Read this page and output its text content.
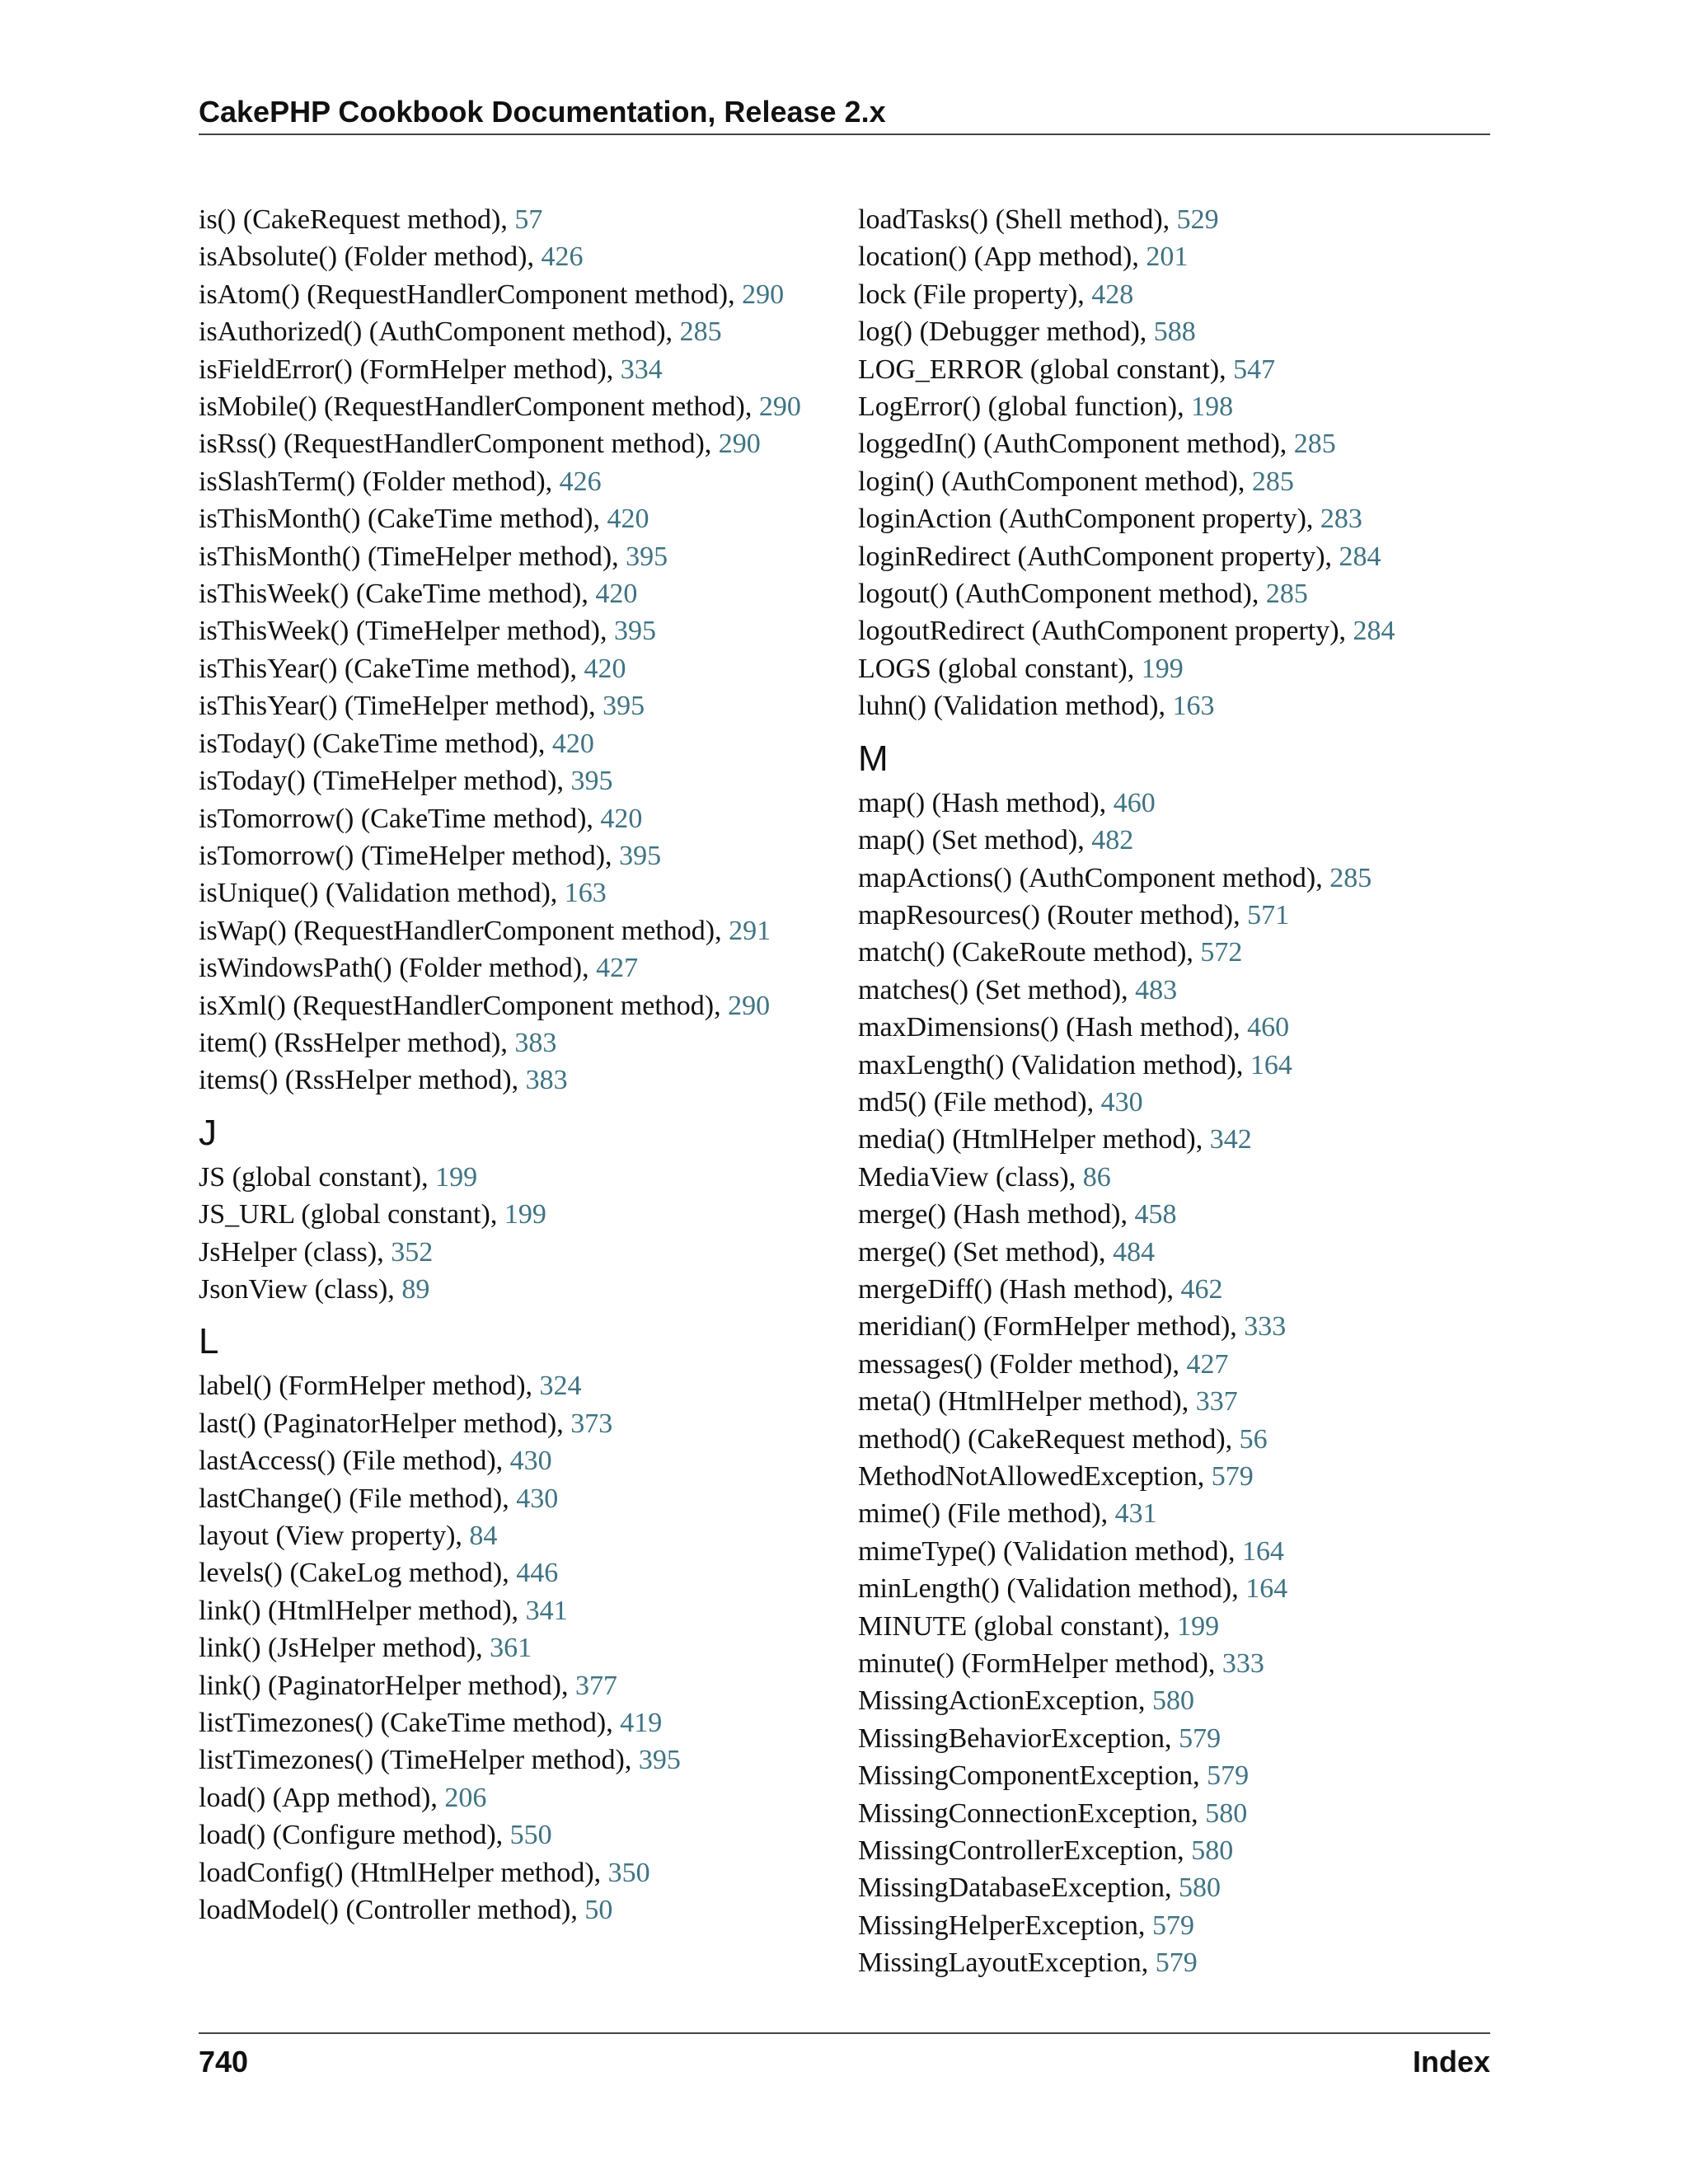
CakePHP Cookbook Documentation, Release 2.x
is() (CakeRequest method), 57
isAbsolute() (Folder method), 426
isAtom() (RequestHandlerComponent method), 290
isAuthorized() (AuthComponent method), 285
isFieldError() (FormHelper method), 334
isMobile() (RequestHandlerComponent method), 290
isRss() (RequestHandlerComponent method), 290
isSlashTerm() (Folder method), 426
isThisMonth() (CakeTime method), 420
isThisMonth() (TimeHelper method), 395
isThisWeek() (CakeTime method), 420
isThisWeek() (TimeHelper method), 395
isThisYear() (CakeTime method), 420
isThisYear() (TimeHelper method), 395
isToday() (CakeTime method), 420
isToday() (TimeHelper method), 395
isTomorrow() (CakeTime method), 420
isTomorrow() (TimeHelper method), 395
isUnique() (Validation method), 163
isWap() (RequestHandlerComponent method), 291
isWindowsPath() (Folder method), 427
isXml() (RequestHandlerComponent method), 290
item() (RssHelper method), 383
items() (RssHelper method), 383
J
JS (global constant), 199
JS_URL (global constant), 199
JsHelper (class), 352
JsonView (class), 89
L
label() (FormHelper method), 324
last() (PaginatorHelper method), 373
lastAccess() (File method), 430
lastChange() (File method), 430
layout (View property), 84
levels() (CakeLog method), 446
link() (HtmlHelper method), 341
link() (JsHelper method), 361
link() (PaginatorHelper method), 377
listTimezones() (CakeTime method), 419
listTimezones() (TimeHelper method), 395
load() (App method), 206
load() (Configure method), 550
loadConfig() (HtmlHelper method), 350
loadModel() (Controller method), 50
loadTasks() (Shell method), 529
location() (App method), 201
lock (File property), 428
log() (Debugger method), 588
LOG_ERROR (global constant), 547
LogError() (global function), 198
loggedIn() (AuthComponent method), 285
login() (AuthComponent method), 285
loginAction (AuthComponent property), 283
loginRedirect (AuthComponent property), 284
logout() (AuthComponent method), 285
logoutRedirect (AuthComponent property), 284
LOGS (global constant), 199
luhn() (Validation method), 163
M
map() (Hash method), 460
map() (Set method), 482
mapActions() (AuthComponent method), 285
mapResources() (Router method), 571
match() (CakeRoute method), 572
matches() (Set method), 483
maxDimensions() (Hash method), 460
maxLength() (Validation method), 164
md5() (File method), 430
media() (HtmlHelper method), 342
MediaView (class), 86
merge() (Hash method), 458
merge() (Set method), 484
mergeDiff() (Hash method), 462
meridian() (FormHelper method), 333
messages() (Folder method), 427
meta() (HtmlHelper method), 337
method() (CakeRequest method), 56
MethodNotAllowedException, 579
mime() (File method), 431
mimeType() (Validation method), 164
minLength() (Validation method), 164
MINUTE (global constant), 199
minute() (FormHelper method), 333
MissingActionException, 580
MissingBehaviorException, 579
MissingComponentException, 579
MissingConnectionException, 580
MissingControllerException, 580
MissingDatabaseException, 580
MissingHelperException, 579
MissingLayoutException, 579
740	Index
